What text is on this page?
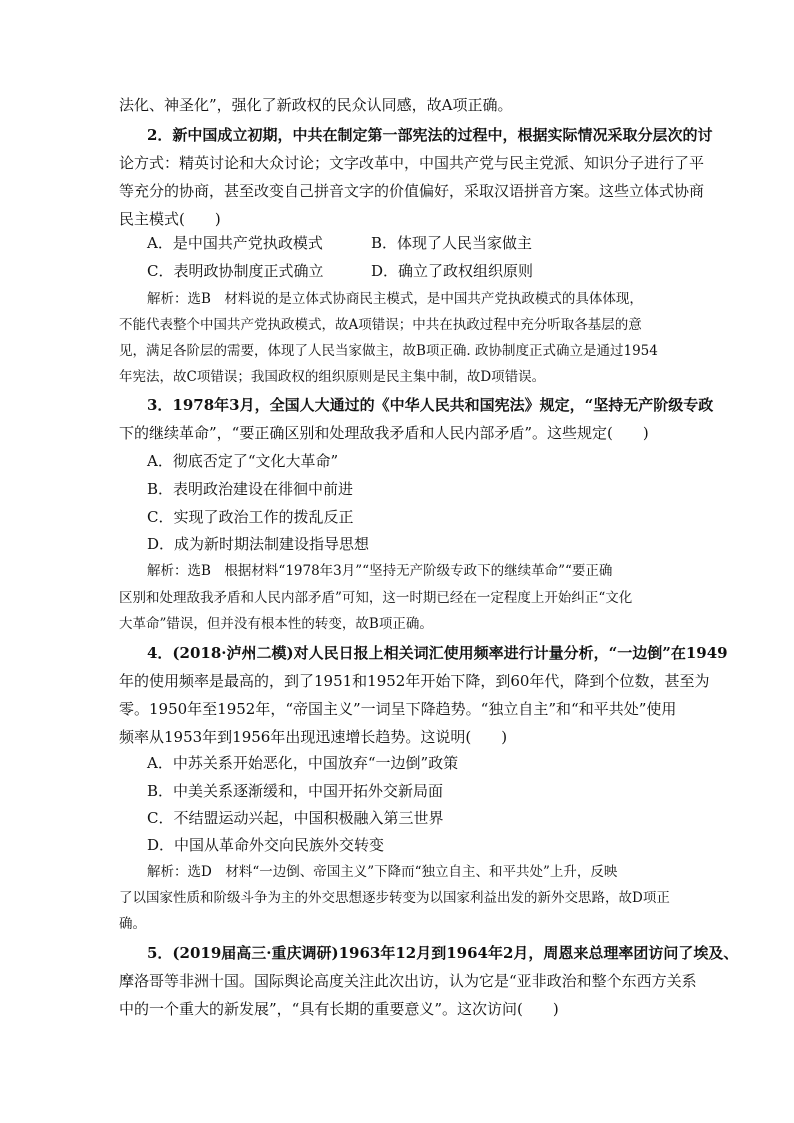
法化、神圣化”，强化了新政权的民众认同感，故A项正确。
2．新中国成立初期，中共在制定第一部宪法的过程中，根据实际情况采取分层次的讨
论方式：精英讨论和大众讨论；文字改革中，中国共产党与民主党派、知识分子进行了平
等充分的协商，甚至改变自己拼音文字的价值偏好，采取汉语拼音方案。这些立体式协商
民主模式(　　)
A．是中国共产党执政模式	B．体现了人民当家做主
C．表明政协制度正式确立	D．确立了政权组织原则
解析：选B　材料说的是立体式协商民主模式，是中国共产党执政模式的具体体现，
不能代表整个中国共产党执政模式，故A项错误；中共在执政过程中充分听取各基层的意
见，满足各阶层的需要，体现了人民当家做主，故B项正确. 政协制度正式确立是通过1954
年宪法，故C项错误；我国政权的组织原则是民主集中制，故D项错误。
3．1978年3月，全国人大通过的《中华人民共和国宪法》规定，“坚持无产阶级专政
下的继续革命”，“要正确区别和处理敌我矛盾和人民内部矛盾”。这些规定(　　)
A．彻底否定了“文化大革命”
B．表明政治建设在徘徊中前进
C．实现了政治工作的拨乱反正
D．成为新时期法制建设指导思想
解析：选B　根据材料“1978年3月”“坚持无产阶级专政下的继续革命”“要正确
区别和处理敌我矛盾和人民内部矛盾”可知，这一时期已经在一定程度上开始纠正“文化
大革命”错误，但并没有根本性的转变，故B项正确。
4．(2018·泸州二模)对人民日报上相关词汇使用频率进行计量分析，“一边倒”在1949
年的使用频率是最高的，到了1951和1952年开始下降，到60年代，降到个位数，甚至为
零。1950年至1952年，“帝国主义”一词呈下降趋势。“独立自主”和“和平共处”使用
频率从1953年到1956年出现迅速增长趋势。这说明(　　)
A．中苏关系开始恶化，中国放弃“一边倒”政策
B．中美关系逐渐缓和，中国开拓外交新局面
C．不结盟运动兴起，中国积极融入第三世界
D．中国从革命外交向民族外交转变
解析：选D　材料“一边倒、帝国主义”下降而“独立自主、和平共处”上升，反映
了以国家性质和阶级斗争为主的外交思想逐步转变为以国家利益出发的新外交思路，故D项正
确。
5．(2019届高三·重庆调研)1963年12月到1964年2月，周恩来总理率团访问了埃及、
摩洛哥等非洲十国。国际舆论高度关注此次出访，认为它是“亚非政治和整个东西方关系
中的一个重大的新发展”，“具有长期的重要意义”。这次访问(　　)
